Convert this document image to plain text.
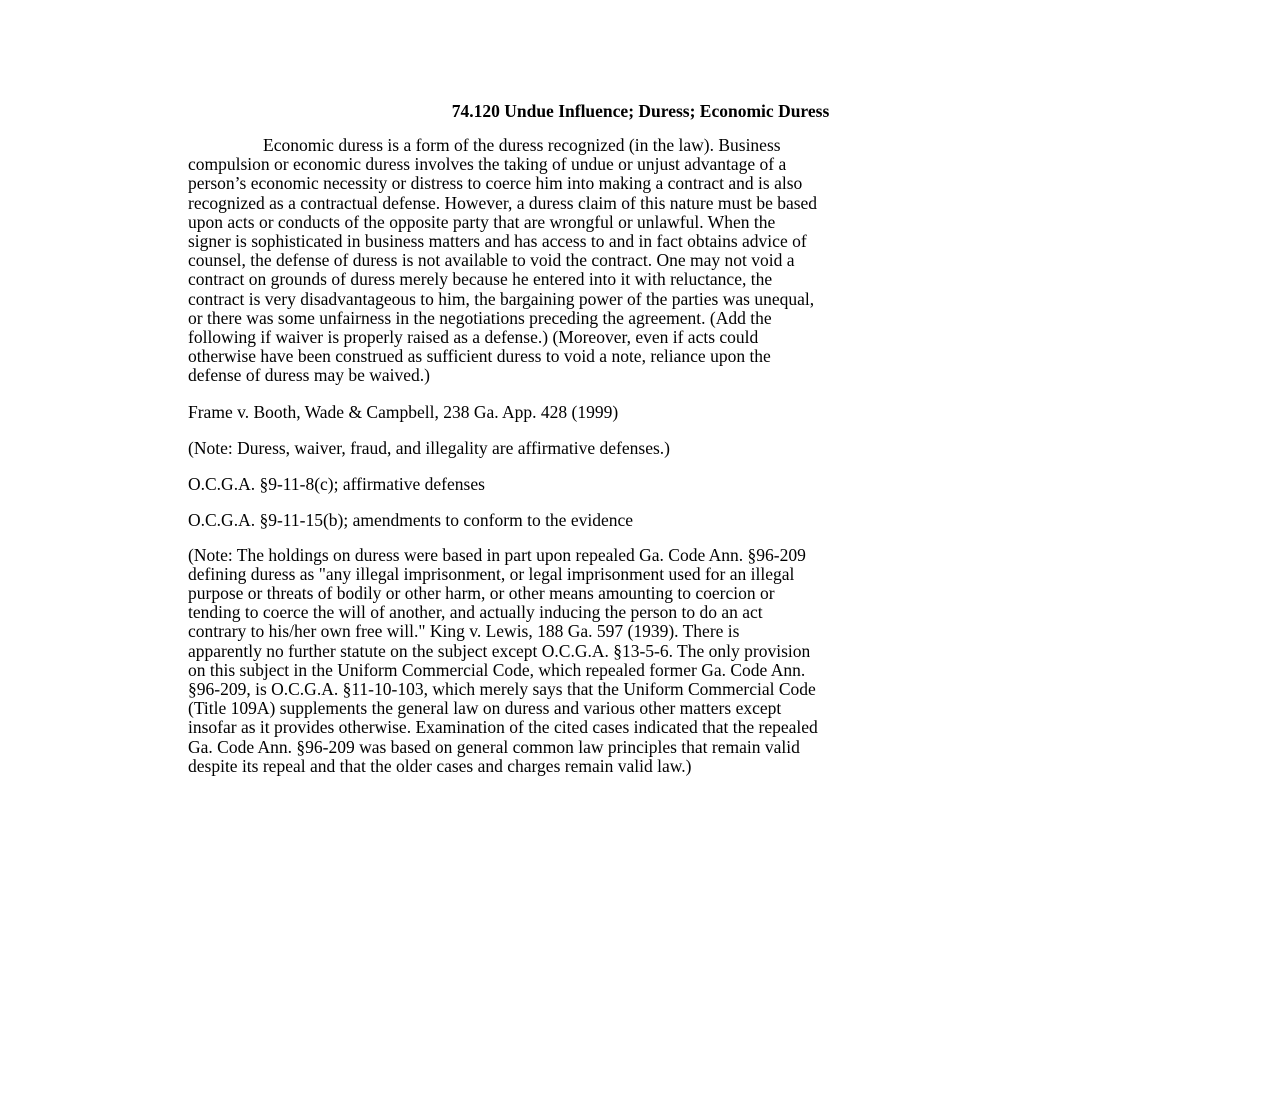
74.120 Undue Influence; Duress; Economic Duress
Economic duress is a form of the duress recognized (in the law). Business
compulsion or economic duress involves the taking of undue or unjust advantage of a
person’s economic necessity or distress to coerce him into making a contract and is also
recognized as a contractual defense. However, a duress claim of this nature must be based
upon acts or conducts of the opposite party that are wrongful or unlawful. When the
signer is sophisticated in business matters and has access to and in fact obtains advice of
counsel, the defense of duress is not available to void the contract. One may not void a
contract on grounds of duress merely because he entered into it with reluctance, the
contract is very disadvantageous to him, the bargaining power of the parties was unequal,
or there was some unfairness in the negotiations preceding the agreement. (Add the
following if waiver is properly raised as a defense.) (Moreover, even if acts could
otherwise have been construed as sufficient duress to void a note, reliance upon the
defense of duress may be waived.)
Frame v. Booth, Wade & Campbell, 238 Ga. App. 428 (1999)
(Note: Duress, waiver, fraud, and illegality are affirmative defenses.)
O.C.G.A. §9-11-8(c); affirmative defenses
O.C.G.A. §9-11-15(b); amendments to conform to the evidence
(Note: The holdings on duress were based in part upon repealed Ga. Code Ann. §96-209
defining duress as "any illegal imprisonment, or legal imprisonment used for an illegal
purpose or threats of bodily or other harm, or other means amounting to coercion or
tending to coerce the will of another, and actually inducing the person to do an act
contrary to his/her own free will." King v. Lewis, 188 Ga. 597 (1939). There is
apparently no further statute on the subject except O.C.G.A. §13-5-6. The only provision
on this subject in the Uniform Commercial Code, which repealed former Ga. Code Ann.
§96-209, is O.C.G.A. §11-10-103, which merely says that the Uniform Commercial Code
(Title 109A) supplements the general law on duress and various other matters except
insofar as it provides otherwise. Examination of the cited cases indicated that the repealed
Ga. Code Ann. §96-209 was based on general common law principles that remain valid
despite its repeal and that the older cases and charges remain valid law.)
